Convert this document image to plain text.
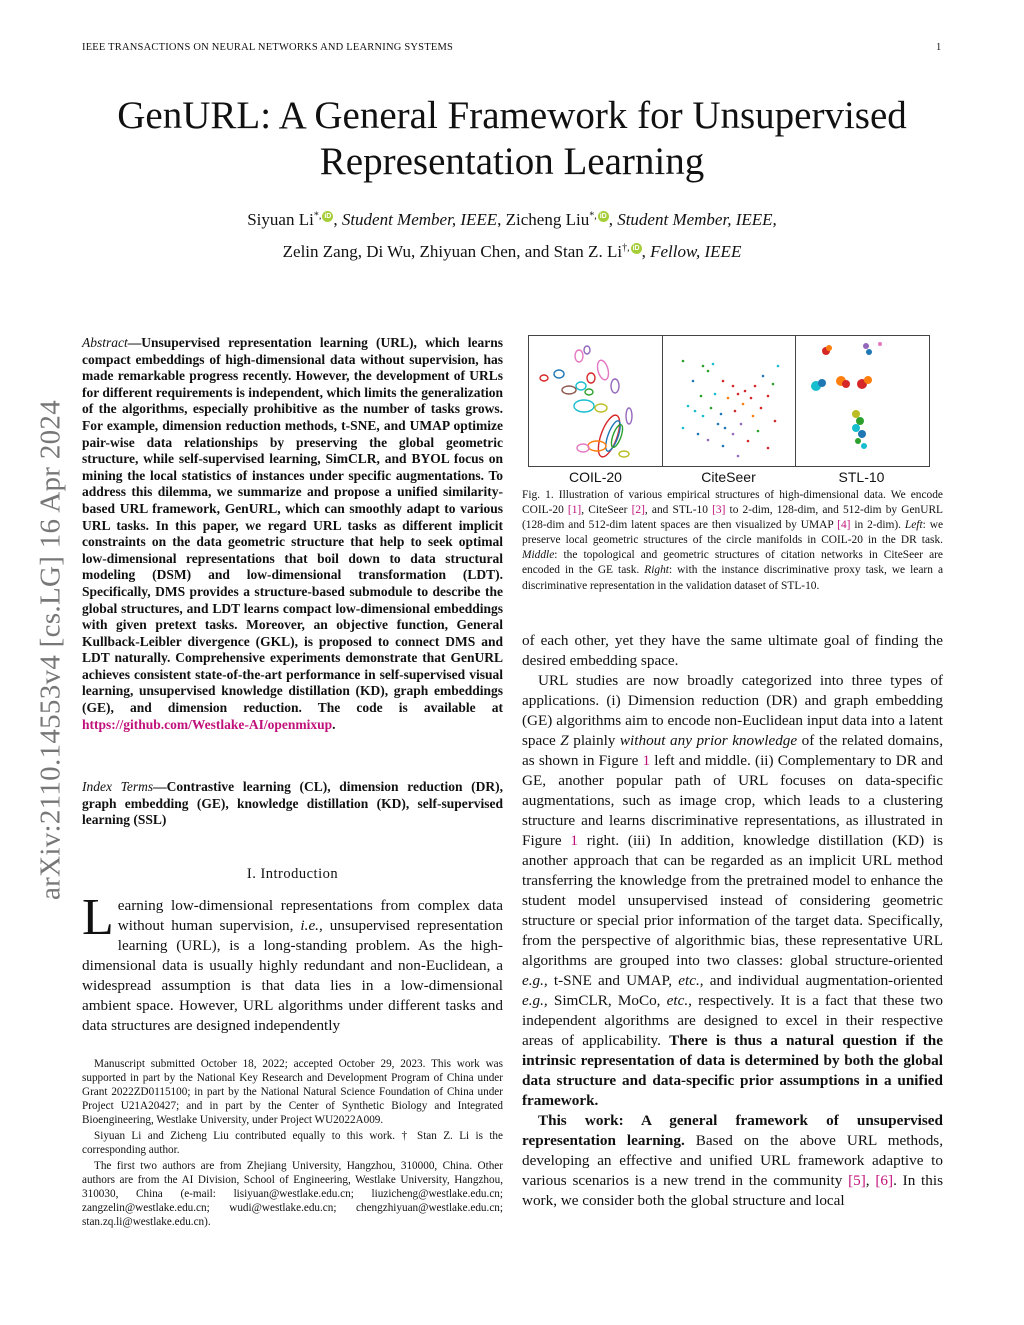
IEEE TRANSACTIONS ON NEURAL NETWORKS AND LEARNING SYSTEMS	1
GenURL: A General Framework for Unsupervised
Representation Learning
Siyuan Li*, iD , Student Member, IEEE, Zicheng Liu*, iD , Student Member, IEEE,
Zelin Zang, Di Wu, Zhiyuan Chen, and Stan Z. Li†, iD , Fellow, IEEE
arXiv:2110.14553v4 [cs.LG] 16 Apr 2024
Abstract—Unsupervised representation learning (URL), which learns compact embeddings of high-dimensional data without supervision, has made remarkable progress recently. However, the development of URLs for different requirements is independent, which limits the generalization of the algorithms, especially prohibitive as the number of tasks grows. For example, dimension reduction methods, t-SNE, and UMAP optimize pair-wise data relationships by preserving the global geometric structure, while self-supervised learning, SimCLR, and BYOL focus on mining the local statistics of instances under specific augmentations. To address this dilemma, we summarize and propose a unified similarity-based URL framework, GenURL, which can smoothly adapt to various URL tasks. In this paper, we regard URL tasks as different implicit constraints on the data geometric structure that help to seek optimal low-dimensional representations that boil down to data structural modeling (DSM) and low-dimensional transformation (LDT). Specifically, DMS provides a structure-based submodule to describe the global structures, and LDT learns compact low-dimensional embeddings with given pretext tasks. Moreover, an objective function, General Kullback-Leibler divergence (GKL), is proposed to connect DMS and LDT naturally. Comprehensive experiments demonstrate that GenURL achieves consistent state-of-the-art performance in self-supervised visual learning, unsupervised knowledge distillation (KD), graph embeddings (GE), and dimension reduction. The code is available at https://github.com/Westlake-AI/openmixup.
Index Terms—Contrastive learning (CL), dimension reduction (DR), graph embedding (GE), knowledge distillation (KD), self-supervised learning (SSL)
I. Introduction
Learning low-dimensional representations from complex data without human supervision, i.e., unsupervised representation learning (URL), is a long-standing problem. As the high-dimensional data is usually highly redundant and non-Euclidean, a widespread assumption is that data lies in a low-dimensional ambient space. However, URL algorithms under different tasks and data structures are designed independently

Manuscript submitted October 18, 2022; accepted October 29, 2023. This work was supported in part by the National Key Research and Development Program of China under Grant 2022ZD0115100; in part by the National Natural Science Foundation of China under Project U21A20427; and in part by the Center of Synthetic Biology and Integrated Bioengineering, Westlake University, under Project WU2022A009.

Siyuan Li and Zicheng Liu contributed equally to this work. † Stan Z. Li is the corresponding author.

The first two authors are from Zhejiang University, Hangzhou, 310000, China. Other authors are from the AI Division, School of Engineering, Westlake University, Hangzhou, 310030, China (e-mail: lisiyuan@westlake.edu.cn; liuzicheng@westlake.edu.cn; zangzelin@westlake.edu.cn; wudi@westlake.edu.cn; chengzhiyuan@westlake.edu.cn; stan.zq.li@westlake.edu.cn).

COIL-20	CiteSeer	STL-10
Fig. 1. Illustration of various empirical structures of high-dimensional data. We encode COIL-20 [1], CiteSeer [2], and STL-10 [3] to 2-dim, 128-dim, and 512-dim by GenURL (128-dim and 512-dim latent spaces are then visualized by UMAP [4] in 2-dim). Left: we preserve local geometric structures of the circle manifolds in COIL-20 in the DR task. Middle: the topological and geometric structures of citation networks in CiteSeer are encoded in the GE task. Right: with the instance discriminative proxy task, we learn a discriminative representation in the validation dataset of STL-10.

of each other, yet they have the same ultimate goal of finding the desired embedding space.

URL studies are now broadly categorized into three types of applications. (i) Dimension reduction (DR) and graph embedding (GE) algorithms aim to encode non-Euclidean input data into a latent space Z plainly without any prior knowledge of the related domains, as shown in Figure 1 left and middle. (ii) Complementary to DR and GE, another popular path of URL focuses on data-specific augmentations, such as image crop, which leads to a clustering structure and learns discriminative representations, as illustrated in Figure 1 right. (iii) In addition, knowledge distillation (KD) is another approach that can be regarded as an implicit URL method transferring the knowledge from the pretrained model to enhance the student model unsupervised instead of considering geometric structure or special prior information of the target data. Specifically, from the perspective of algorithmic bias, these representative URL algorithms are grouped into two classes: global structure-oriented e.g., t-SNE and UMAP, etc., and individual augmentation-oriented e.g., SimCLR, MoCo, etc., respectively. It is a fact that these two independent algorithms are designed to excel in their respective areas of applicability. There is thus a natural question if the intrinsic representation of data is determined by both the global data structure and data-specific prior assumptions in a unified framework.

This work: A general framework of unsupervised representation learning. Based on the above URL methods, developing an effective and unified URL framework adaptive to various scenarios is a new trend in the community [5], [6]. In this work, we consider both the global structure and local
